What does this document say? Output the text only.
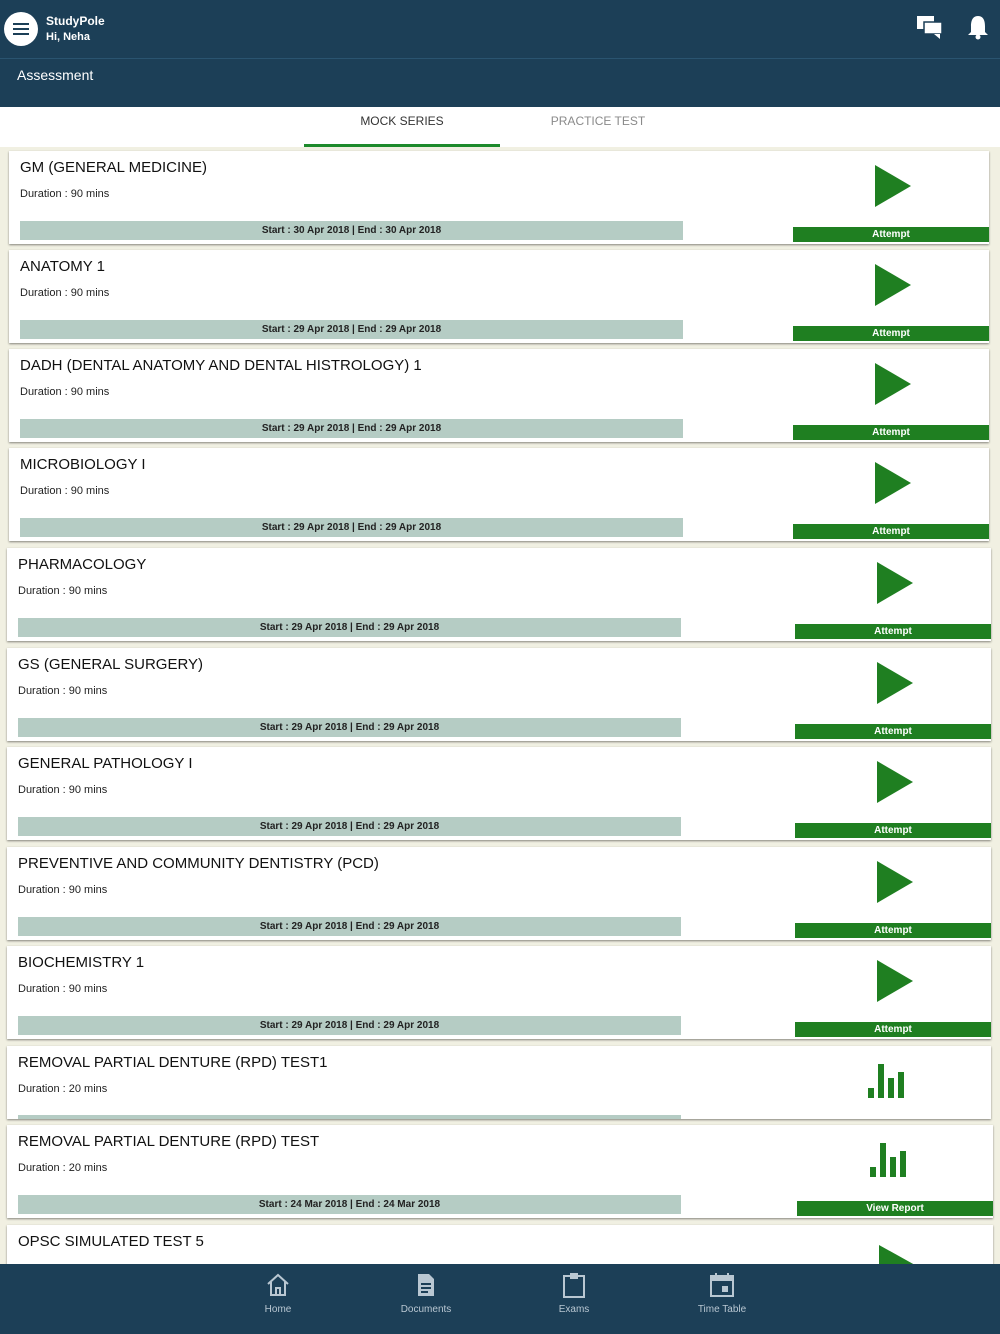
StudyPole
Hi, Neha
Assessment
MOCK SERIES	PRACTICE TEST
GM (GENERAL MEDICINE)
Duration : 90 mins
Start : 30 Apr 2018 | End : 30 Apr 2018	Attempt
ANATOMY 1
Duration : 90 mins
Start : 29 Apr 2018 | End : 29 Apr 2018	Attempt
DADH (DENTAL ANATOMY AND DENTAL HISTROLOGY) 1
Duration : 90 mins
Start : 29 Apr 2018 | End : 29 Apr 2018	Attempt
MICROBIOLOGY I
Duration : 90 mins
Start : 29 Apr 2018 | End : 29 Apr 2018	Attempt
PHARMACOLOGY
Duration : 90 mins
Start : 29 Apr 2018 | End : 29 Apr 2018	Attempt
GS (GENERAL SURGERY)
Duration : 90 mins
Start : 29 Apr 2018 | End : 29 Apr 2018	Attempt
GENERAL PATHOLOGY I
Duration : 90 mins
Start : 29 Apr 2018 | End : 29 Apr 2018	Attempt
PREVENTIVE AND COMMUNITY DENTISTRY (PCD)
Duration : 90 mins
Start : 29 Apr 2018 | End : 29 Apr 2018	Attempt
BIOCHEMISTRY 1
Duration : 90 mins
Start : 29 Apr 2018 | End : 29 Apr 2018	Attempt
REMOVAL PARTIAL DENTURE (RPD) TEST1
Duration : 20 mins
REMOVAL PARTIAL DENTURE (RPD) TEST
Duration : 20 mins
Start : 24 Mar 2018 | End : 24 Mar 2018	View Report
OPSC SIMULATED TEST 5
Home	Documents	Exams	Time Table
